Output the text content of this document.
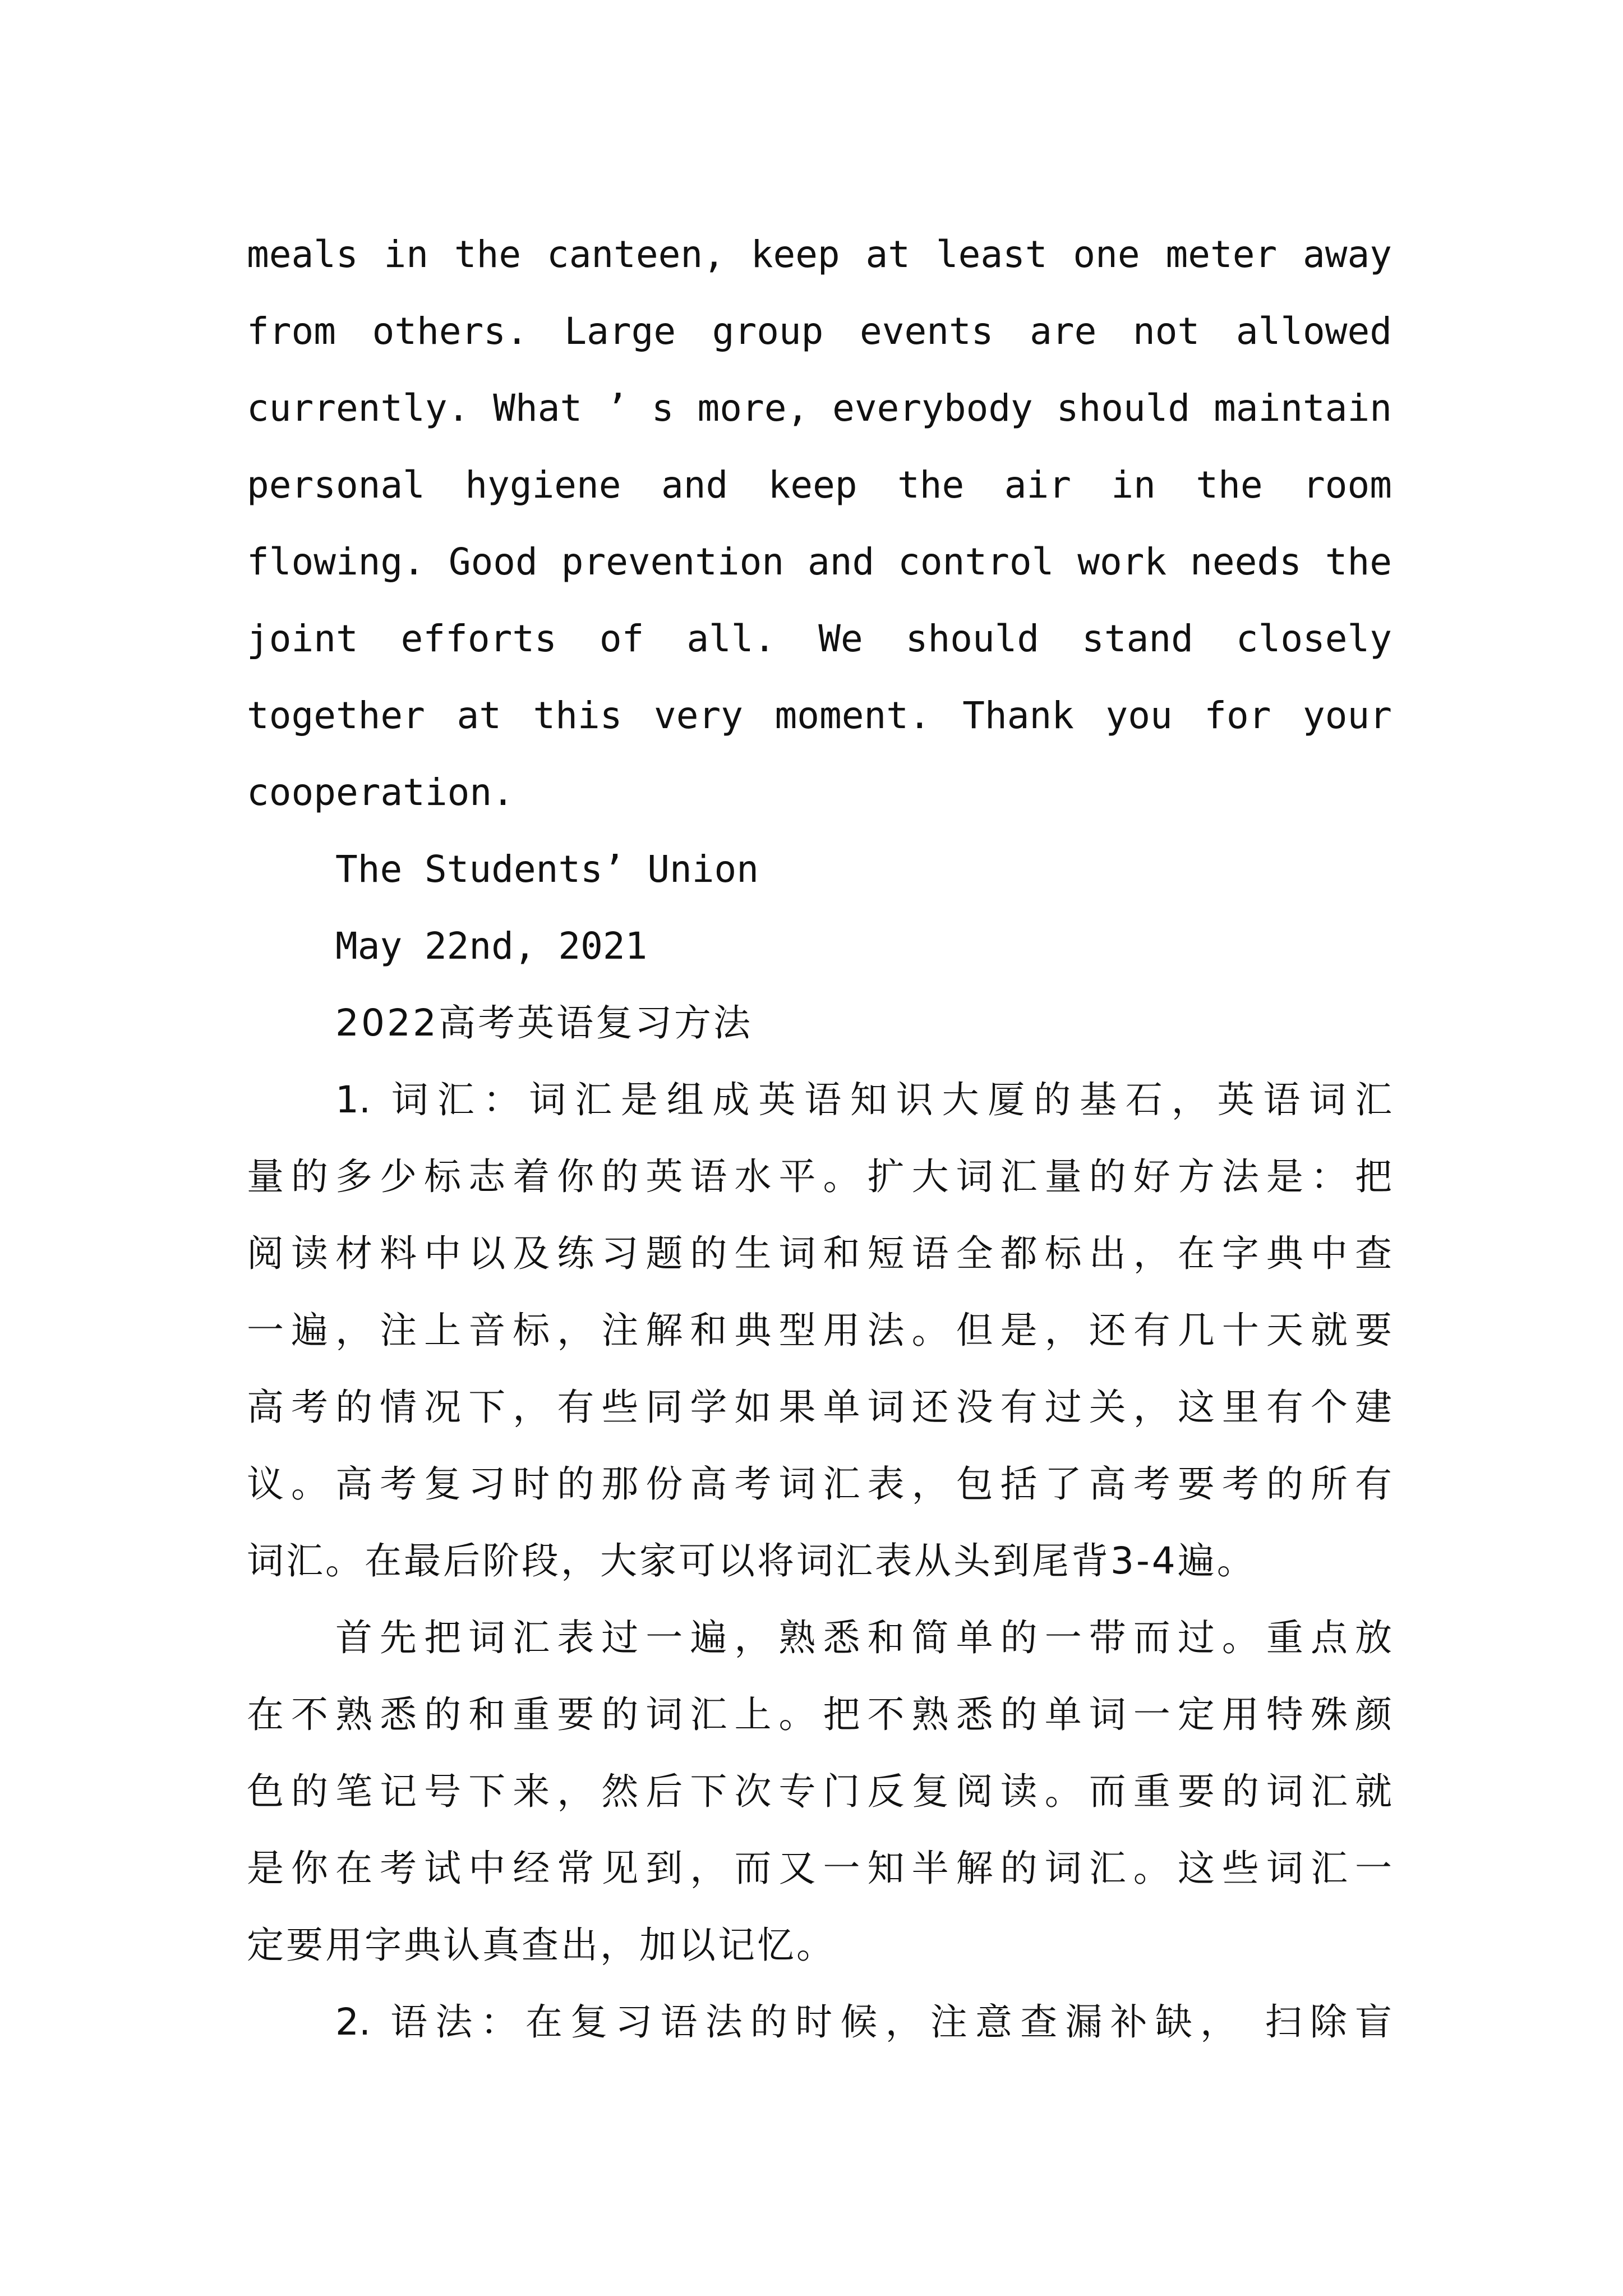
meals in the canteen, keep at least one meter away
from others. Large group events are not allowed
currently. What ’ s more, everybody should maintain
personal hygiene and keep the air in the room
flowing. Good prevention and control work needs the
joint efforts of all. We should stand closely
together at this very moment. Thank you for your
cooperation.
The Students’ Union
May 22nd, 2021
2022高考英语复习方法
1. 词汇：词汇是组成英语知识大厦的基石，英语词汇
量的多少标志着你的英语水平。扩大词汇量的好方法是：把
阅读材料中以及练习题的生词和短语全都标出，在字典中查
一遍，注上音标，注解和典型用法。但是，还有几十天就要
高考的情况下，有些同学如果单词还没有过关，这里有个建
议。高考复习时的那份高考词汇表，包括了高考要考的所有
词汇。在最后阶段，大家可以将词汇表从头到尾背3-4遍。
首先把词汇表过一遍，熟悉和简单的一带而过。重点放
在不熟悉的和重要的词汇上。把不熟悉的单词一定用特殊颜
色的笔记号下来，然后下次专门反复阅读。而重要的词汇就
是你在考试中经常见到，而又一知半解的词汇。这些词汇一
定要用字典认真查出，加以记忆。
2. 语法：在复习语法的时候，注意查漏补缺， 扫除盲
